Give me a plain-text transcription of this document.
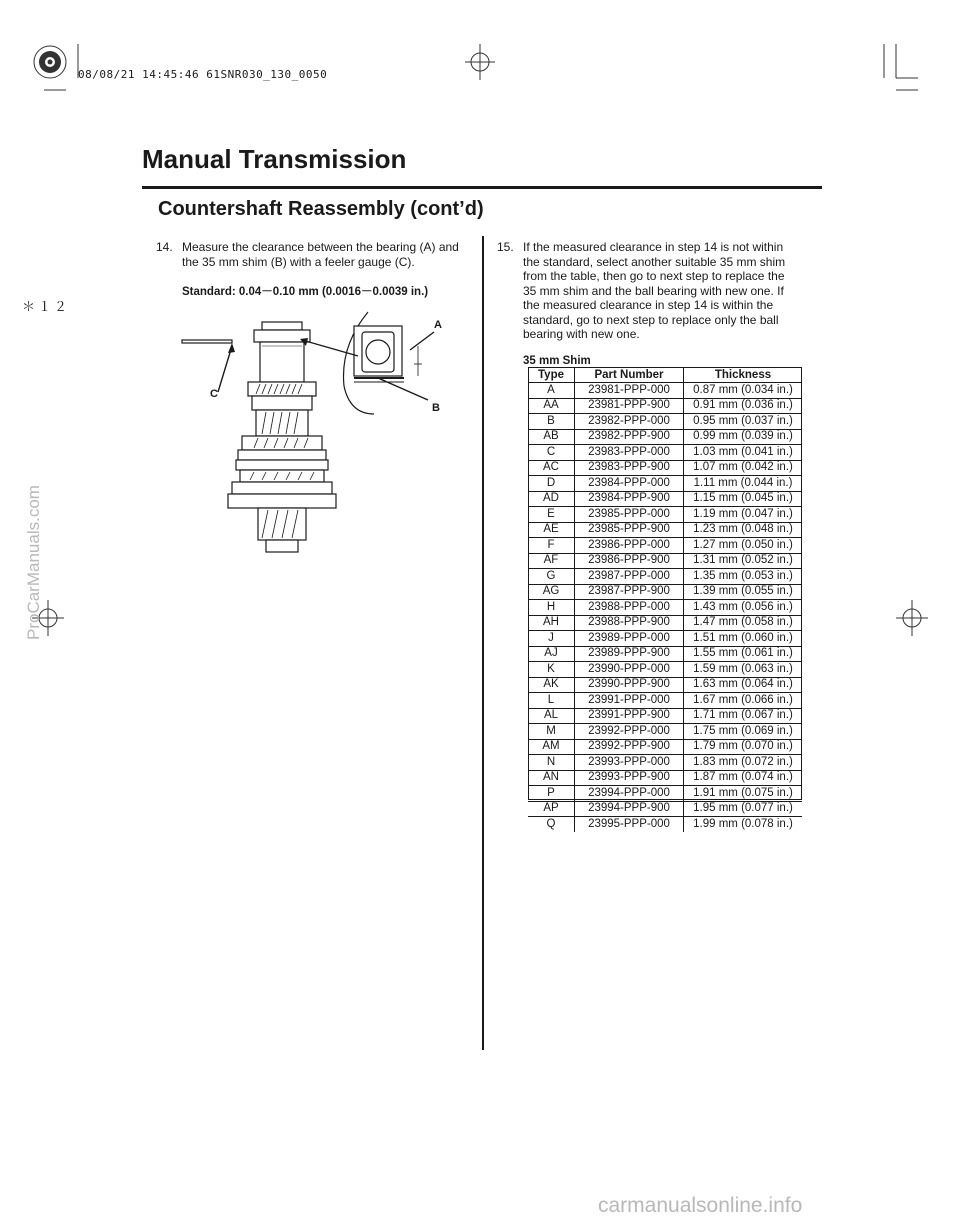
08/08/21 14:45:46 61SNR030_130_0050
Manual Transmission
Countershaft Reassembly (cont’d)
＊１２
14. Measure the clearance between the bearing (A) and
the 35 mm shim (B) with a feeler gauge (C).
Standard: 0.04－0.10 mm (0.0016－0.0039 in.)
A
B
C
15. If the measured clearance in step 14 is not within
the standard, select another suitable 35 mm shim
from the table, then go to next step to replace the
35 mm shim and the ball bearing with new one. If
the measured clearance in step 14 is within the
standard, go to next step to replace only the ball
bearing with new one.
35 mm Shim
Type	Part Number	Thickness
A	23981-PPP-000	0.87 mm (0.034 in.)
AA	23981-PPP-900	0.91 mm (0.036 in.)
B	23982-PPP-000	0.95 mm (0.037 in.)
AB	23982-PPP-900	0.99 mm (0.039 in.)
C	23983-PPP-000	1.03 mm (0.041 in.)
AC	23983-PPP-900	1.07 mm (0.042 in.)
D	23984-PPP-000	1.11 mm (0.044 in.)
AD	23984-PPP-900	1.15 mm (0.045 in.)
E	23985-PPP-000	1.19 mm (0.047 in.)
AE	23985-PPP-900	1.23 mm (0.048 in.)
F	23986-PPP-000	1.27 mm (0.050 in.)
AF	23986-PPP-900	1.31 mm (0.052 in.)
G	23987-PPP-000	1.35 mm (0.053 in.)
AG	23987-PPP-900	1.39 mm (0.055 in.)
H	23988-PPP-000	1.43 mm (0.056 in.)
AH	23988-PPP-900	1.47 mm (0.058 in.)
J	23989-PPP-000	1.51 mm (0.060 in.)
AJ	23989-PPP-900	1.55 mm (0.061 in.)
K	23990-PPP-000	1.59 mm (0.063 in.)
AK	23990-PPP-900	1.63 mm (0.064 in.)
L	23991-PPP-000	1.67 mm (0.066 in.)
AL	23991-PPP-900	1.71 mm (0.067 in.)
M	23992-PPP-000	1.75 mm (0.069 in.)
AM	23992-PPP-900	1.79 mm (0.070 in.)
N	23993-PPP-000	1.83 mm (0.072 in.)
AN	23993-PPP-900	1.87 mm (0.074 in.)
P	23994-PPP-000	1.91 mm (0.075 in.)
AP	23994-PPP-900	1.95 mm (0.077 in.)
Q	23995-PPP-000	1.99 mm (0.078 in.)
ProCarManuals.com
carmanualsonline.info
